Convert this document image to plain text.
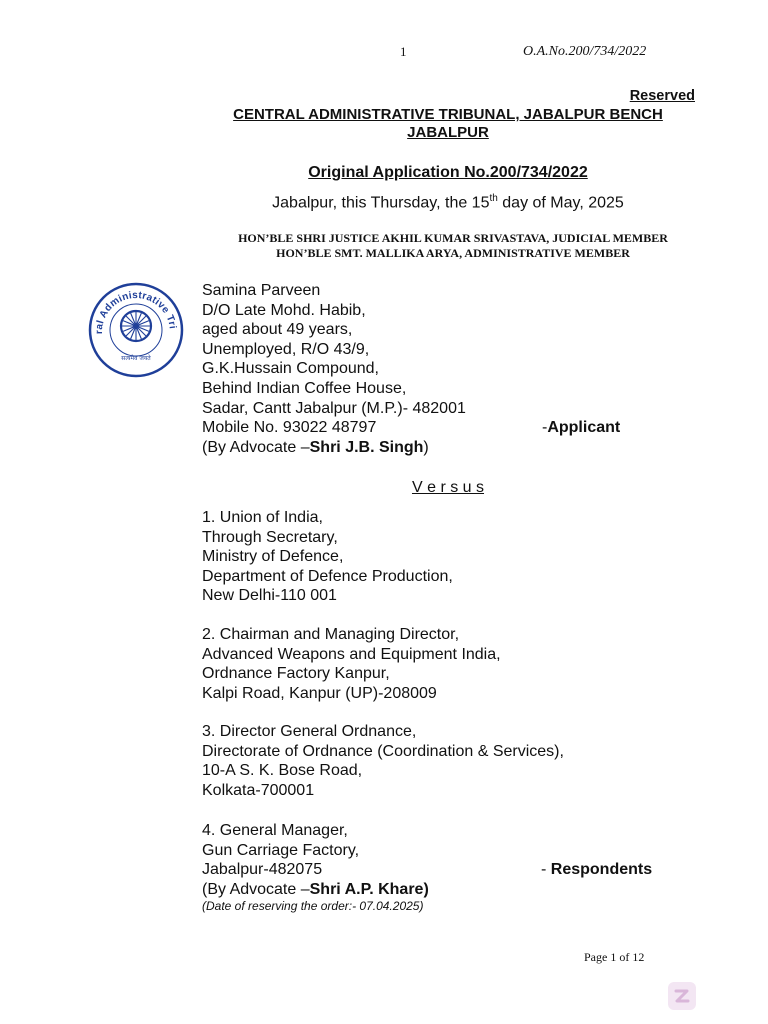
1	O.A.No.200/734/2022
Reserved
CENTRAL ADMINISTRATIVE TRIBUNAL, JABALPUR BENCH
JABALPUR
Original Application No.200/734/2022
Jabalpur, this Thursday, the 15th day of May, 2025
HON’BLE SHRI JUSTICE AKHIL KUMAR SRIVASTAVA, JUDICIAL MEMBER
HON’BLE SMT. MALLIKA ARYA, ADMINISTRATIVE MEMBER
ral Administrative Tri
सत्यमेव जयते
Samina Parveen
D/O Late Mohd. Habib,
aged about 49 years,
Unemployed, R/O 43/9,
G.K.Hussain Compound,
Behind Indian Coffee House,
Sadar, Cantt Jabalpur (M.P.)- 482001
Mobile No. 93022 48797
(By Advocate –Shri J.B. Singh)
-Applicant
V e r s u s
1. Union of India,
Through Secretary,
Ministry of Defence,
Department of Defence Production,
New Delhi-110 001
2. Chairman and Managing Director,
Advanced Weapons and Equipment India,
Ordnance Factory Kanpur,
Kalpi Road, Kanpur (UP)-208009
3. Director General Ordnance,
Directorate of Ordnance (Coordination & Services),
10-A S. K. Bose Road,
Kolkata-700001
4. General Manager,
Gun Carriage Factory,
Jabalpur-482075
(By Advocate –Shri A.P. Khare)
- Respondents
(Date of reserving the order:- 07.04.2025)
Page 1 of 12
